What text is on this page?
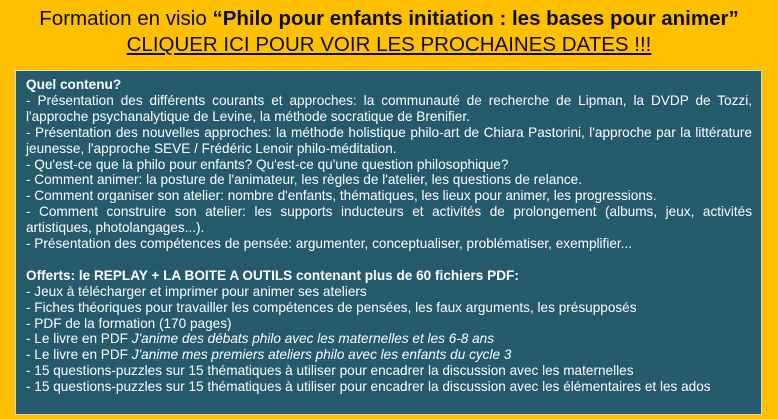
Formation en visio “Philo pour enfants initiation : les bases pour animer”
CLIQUER ICI POUR VOIR LES PROCHAINES DATES !!!
Quel contenu?
- Présentation des différents courants et approches: la communauté de recherche de Lipman, la DVDP de Tozzi, l'approche psychanalytique de Levine, la méthode socratique de Brenifier.
- Présentation des nouvelles approches: la méthode holistique philo-art de Chiara Pastorini, l'approche par la littérature jeunesse, l'approche SEVE / Frédéric Lenoir philo-méditation.
- Qu'est-ce que la philo pour enfants? Qu'est-ce qu'une question philosophique?
- Comment animer: la posture de l'animateur, les règles de l'atelier, les questions de relance.
- Comment organiser son atelier: nombre d'enfants, thématiques, les lieux pour animer, les progressions.
- Comment construire son atelier: les supports inducteurs et activités de prolongement (albums, jeux, activités artistiques, photolangages...).
- Présentation des compétences de pensée: argumenter, conceptualiser, problématiser, exemplifier...
Offerts: le REPLAY + LA BOITE A OUTILS contenant plus de 60 fichiers PDF:
- Jeux à télécharger et imprimer pour animer ses ateliers
- Fiches théoriques pour travailler les compétences de pensées, les faux arguments, les présupposés
- PDF de la formation (170 pages)
- Le livre en PDF J'anime des débats philo avec les maternelles et les 6-8 ans
- Le livre en PDF J'anime mes premiers ateliers philo avec les enfants du cycle 3
- 15 questions-puzzles sur 15 thématiques à utiliser pour encadrer la discussion avec les maternelles
- 15 questions-puzzles sur 15 thématiques à utiliser pour encadrer la discussion avec les élémentaires et les ados
